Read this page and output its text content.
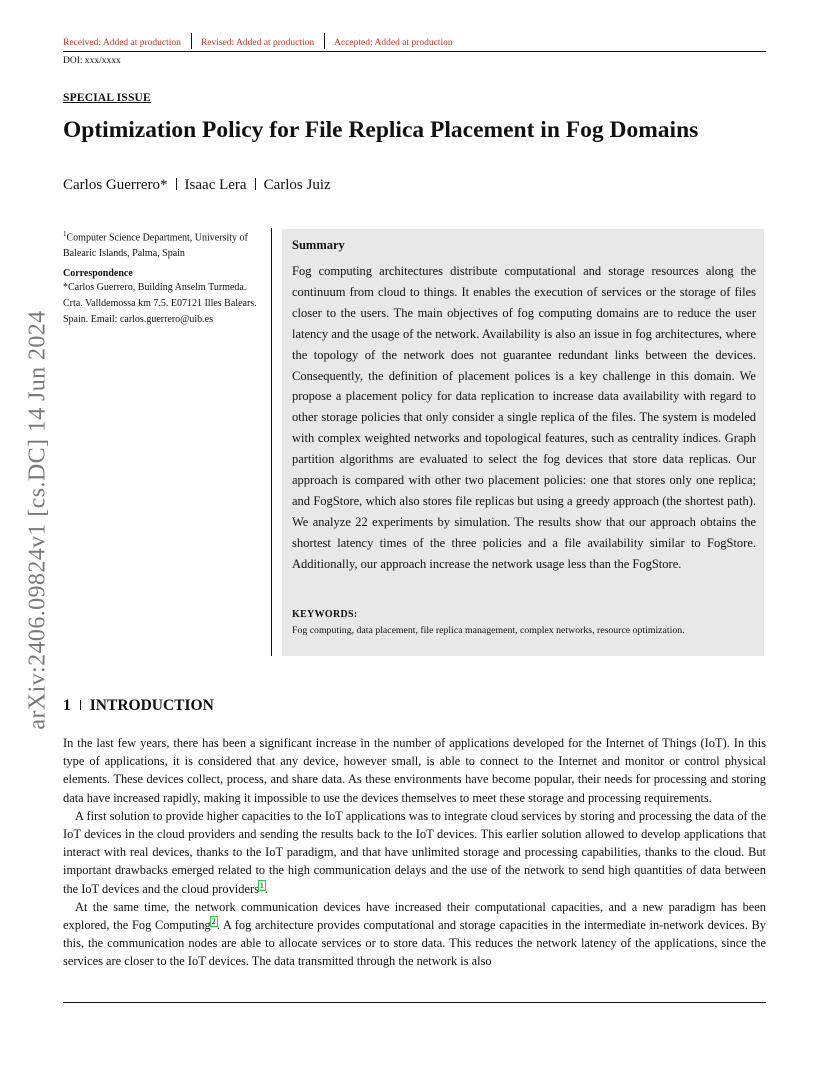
Received: Added at production Revised: Added at production Accepted: Added at production
DOI: xxx/xxxx
SPECIAL ISSUE
Optimization Policy for File Replica Placement in Fog Domains
Carlos Guerrero* Isaac Lera Carlos Juiz
$^1$Computer Science Department, University of Balearic Islands, Palma, Spain
Correspondence
*Carlos Guerrero, Building Anselm Turmeda. Crta. Valldemossa km 7.5. E07121 Illes Balears. Spain. Email: carlos.guerrero@uib.es
Summary
Fog computing architectures distribute computational and storage resources along the continuum from cloud to things. It enables the execution of services or the storage of files closer to the users. The main objectives of fog computing domains are to reduce the user latency and the usage of the network. Availability is also an issue in fog architectures, where the topology of the network does not guarantee redundant links between the devices. Consequently, the definition of placement polices is a key challenge in this domain. We propose a placement policy for data replication to increase data availability with regard to other storage policies that only consider a single replica of the files. The system is modeled with complex weighted networks and topological features, such as centrality indices. Graph partition algorithms are evaluated to select the fog devices that store data replicas. Our approach is compared with other two placement policies: one that stores only one replica; and FogStore, which also stores file replicas but using a greedy approach (the shortest path). We analyze 22 experiments by simulation. The results show that our approach obtains the shortest latency times of the three policies and a file availability similar to FogStore. Additionally, our approach increase the network usage less than the FogStore.
KEYWORDS:
Fog computing, data placement, file replica management, complex networks, resource optimization.
arXiv:2406.09824v1 [cs.DC] 14 Jun 2024 1 INTRODUCTION

In the last few years, there has been a significant increase in the number of applications developed for the Internet of Things (IoT). In this type of applications, it is considered that any device, however small, is able to connect to the Internet and monitor or control physical elements. These devices collect, process, and share data. As these environments have become popular, their needs for processing and storing data have increased rapidly, making it impossible to use the devices themselves to meet these storage and processing requirements.

A first solution to provide higher capacities to the IoT applications was to integrate cloud services by storing and processing the data of the IoT devices in the cloud providers and sending the results back to the IoT devices. This earlier solution allowed to develop applications that interact with real devices, thanks to the IoT paradigm, and that have unlimited storage and processing capabilities, thanks to the cloud. But important drawbacks emerged related to the high communication delays and the use of the network to send high quantities of data between the IoT devices and the cloud providers$^1$.

At the same time, the network communication devices have increased their computational capacities, and a new paradigm has been explored, the Fog Computing$^2$. A fog architecture provides computational and storage capacities in the intermediate in-network devices. By this, the communication nodes are able to allocate services or to store data. This reduces the network latency of the applications, since the services are closer to the IoT devices. The data transmitted through the network is also
